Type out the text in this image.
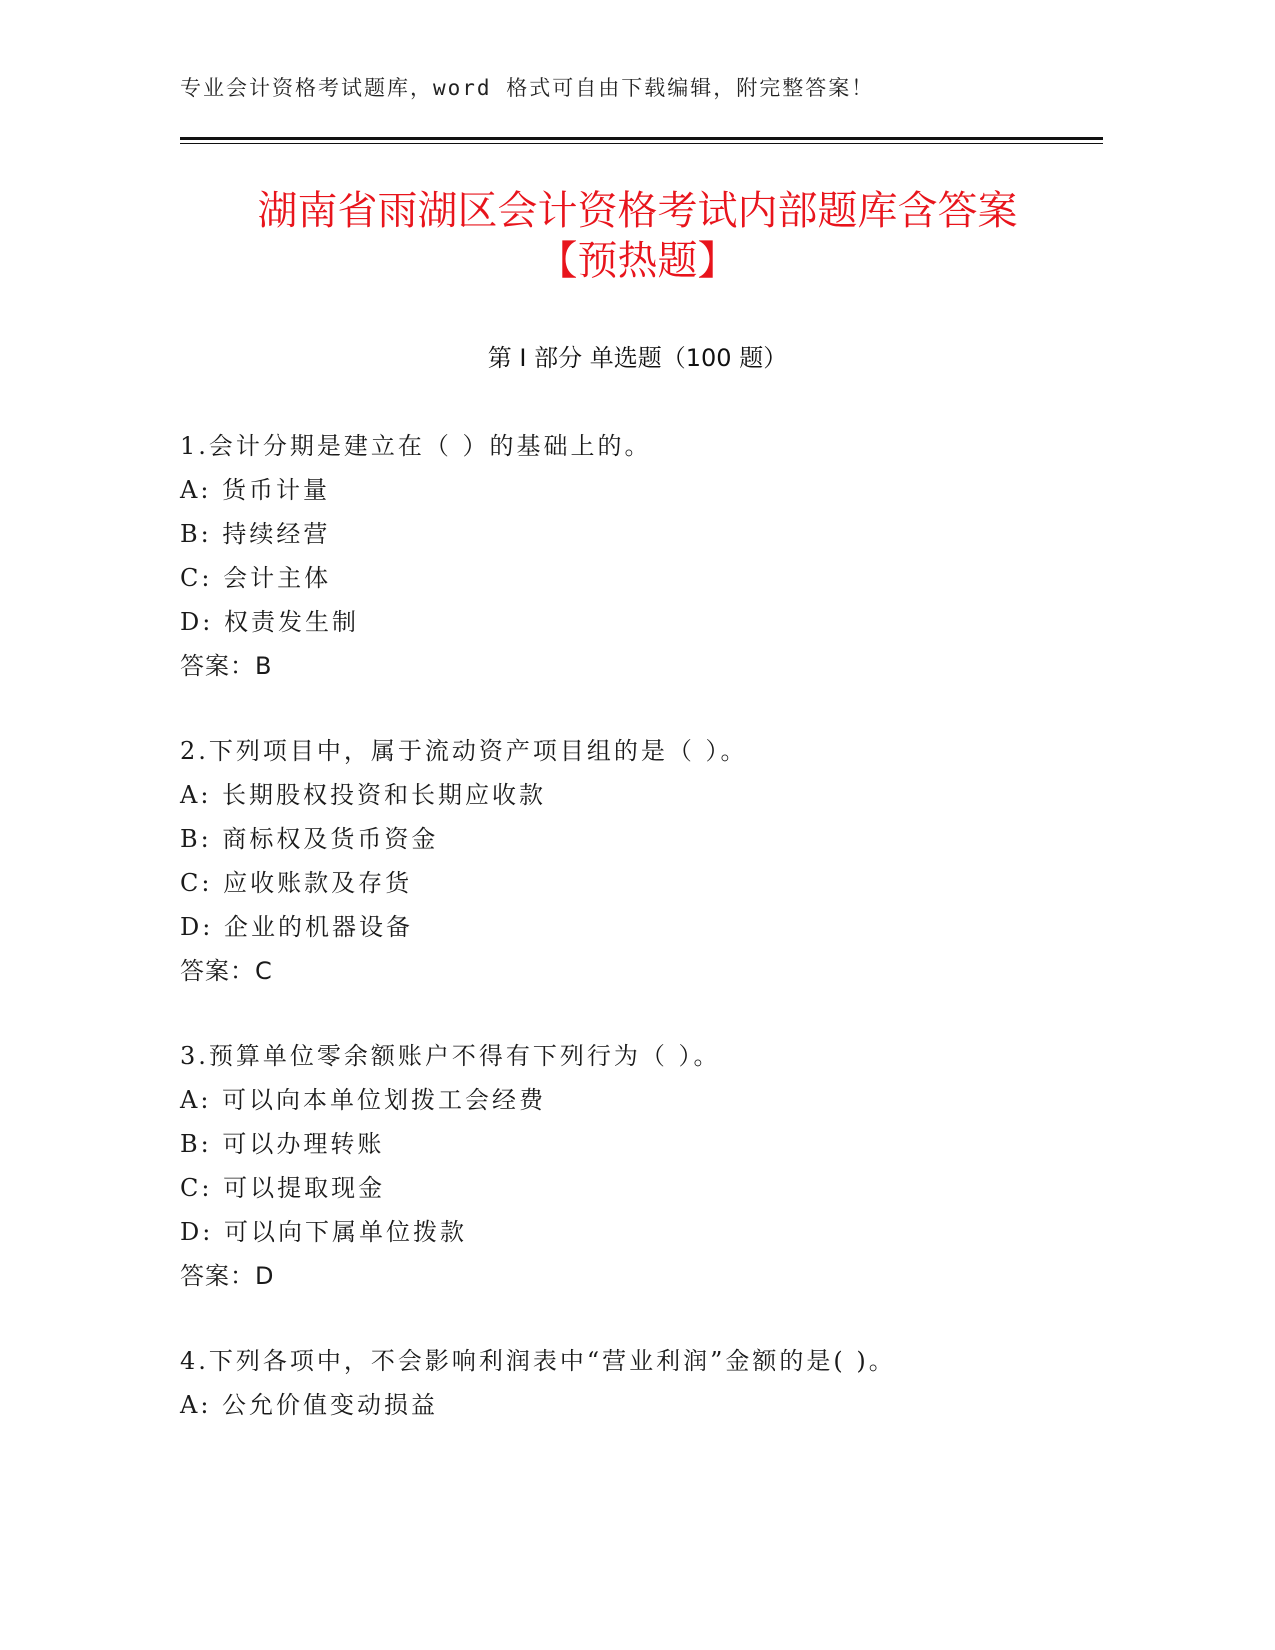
专业会计资格考试题库，word 格式可自由下载编辑，附完整答案！
湖南省雨湖区会计资格考试内部题库含答案
【预热题】
第 I 部分 单选题（100 题）
1.会计分期是建立在（ ）的基础上的。
A: 货币计量
B: 持续经营
C: 会计主体
D: 权责发生制
答案：B
2.下列项目中，属于流动资产项目组的是（ ）。
A: 长期股权投资和长期应收款
B: 商标权及货币资金
C: 应收账款及存货
D: 企业的机器设备
答案：C
3.预算单位零余额账户不得有下列行为（ ）。
A: 可以向本单位划拨工会经费
B: 可以办理转账
C: 可以提取现金
D: 可以向下属单位拨款
答案：D
4.下列各项中，不会影响利润表中“营业利润”金额的是( )。
A: 公允价值变动损益
